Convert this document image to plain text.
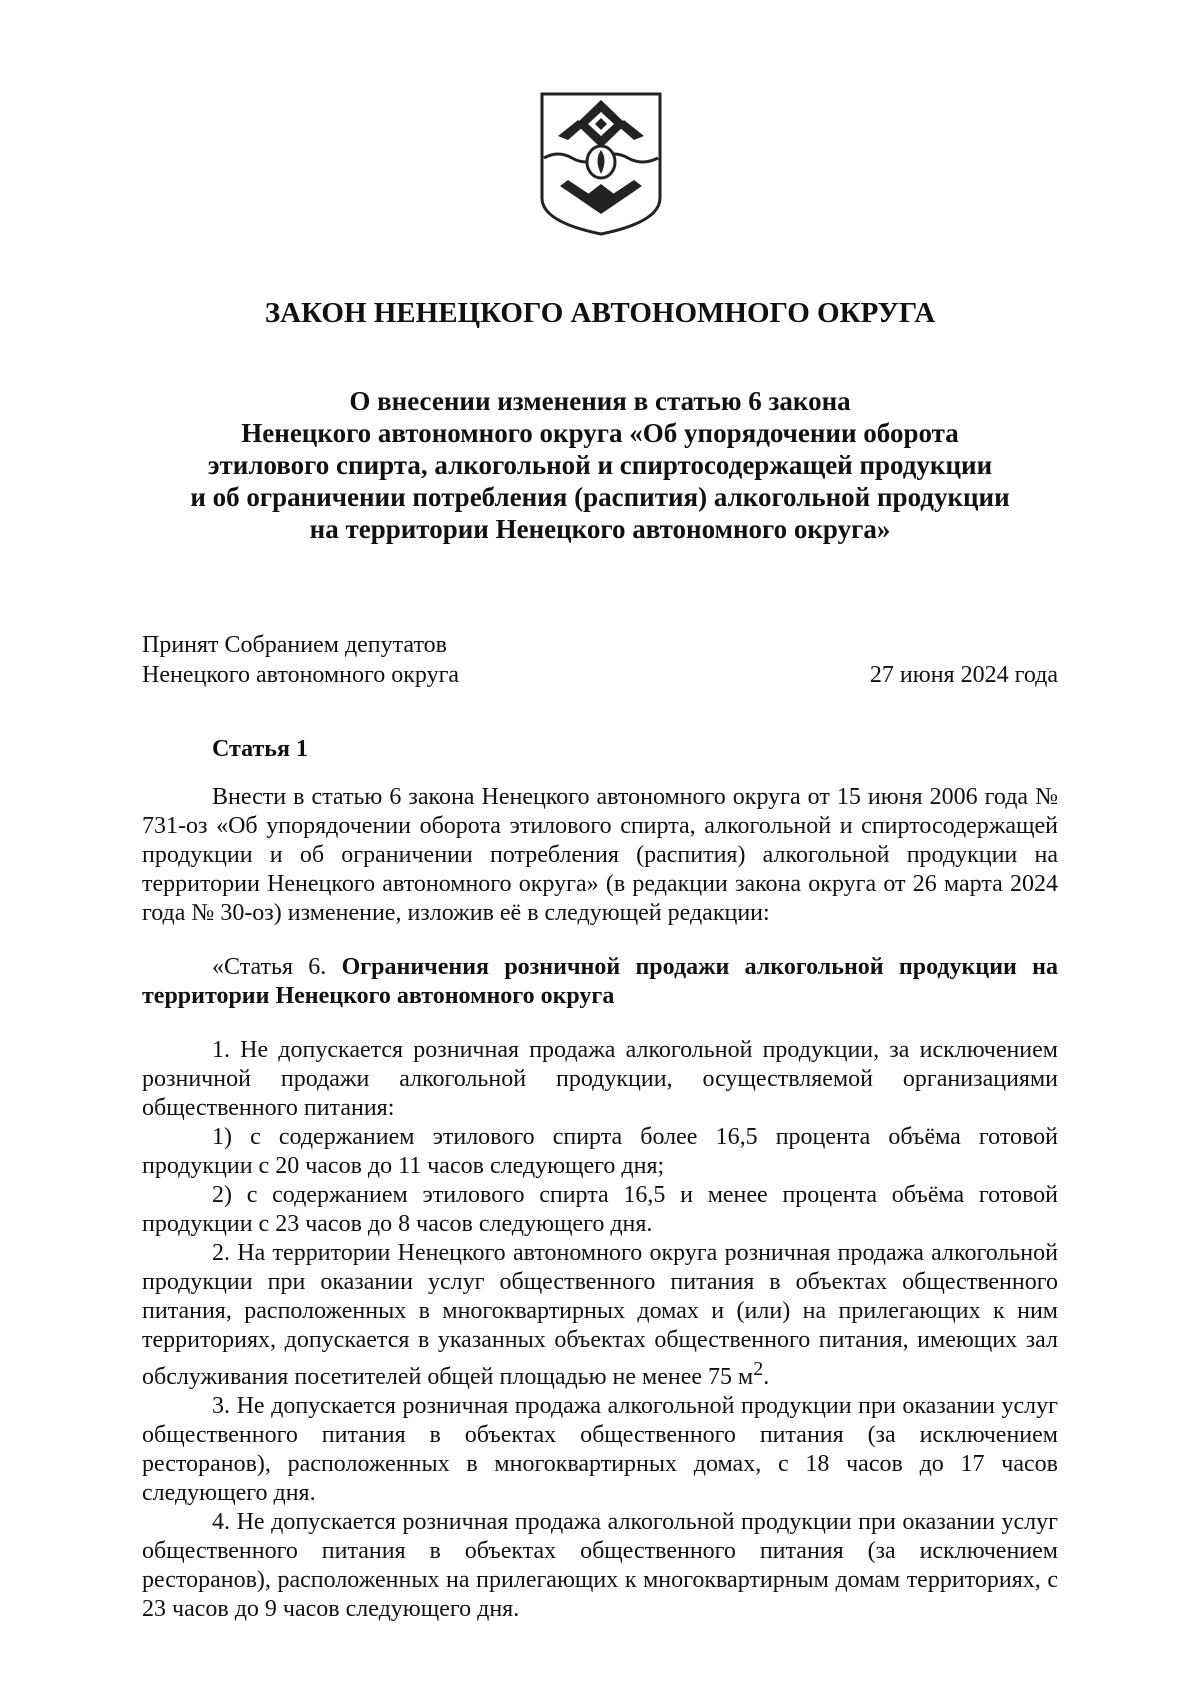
ЗАКОН НЕНЕЦКОГО АВТОНОМНОГО ОКРУГА
О внесении изменения в статью 6 закона
Ненецкого автономного округа «Об упорядочении оборота
этилового спирта, алкогольной и спиртосодержащей продукции
и об ограничении потребления (распития) алкогольной продукции
на территории Ненецкого автономного округа»
Принят Собранием депутатов
Ненецкого автономного округа	27 июня 2024 года
Статья 1

Внести в статью 6 закона Ненецкого автономного округа от 15 июня 2006 года № 731-оз «Об упорядочении оборота этилового спирта, алкогольной и спиртосодержащей продукции и об ограничении потребления (распития) алкогольной продукции на территории Ненецкого автономного округа» (в редакции закона округа от 26 марта 2024 года № 30-оз) изменение, изложив её в следующей редакции:

«Статья 6. Ограничения розничной продажи алкогольной продукции на территории Ненецкого автономного округа

1. Не допускается розничная продажа алкогольной продукции, за исключением розничной продажи алкогольной продукции, осуществляемой организациями общественного питания:

1) с содержанием этилового спирта более 16,5 процента объёма готовой продукции с 20 часов до 11 часов следующего дня;

2) с содержанием этилового спирта 16,5 и менее процента объёма готовой продукции с 23 часов до 8 часов следующего дня.

2. На территории Ненецкого автономного округа розничная продажа алкогольной продукции при оказании услуг общественного питания в объектах общественного питания, расположенных в многоквартирных домах и (или) на прилегающих к ним территориях, допускается в указанных объектах общественного питания, имеющих зал обслуживания посетителей общей площадью не менее 75 $м^2$.

3. Не допускается розничная продажа алкогольной продукции при оказании услуг общественного питания в объектах общественного питания (за исключением ресторанов), расположенных в многоквартирных домах, с 18 часов до 17 часов следующего дня.

4. Не допускается розничная продажа алкогольной продукции при оказании услуг общественного питания в объектах общественного питания (за исключением ресторанов), расположенных на прилегающих к многоквартирным домам территориях, с 23 часов до 9 часов следующего дня.
